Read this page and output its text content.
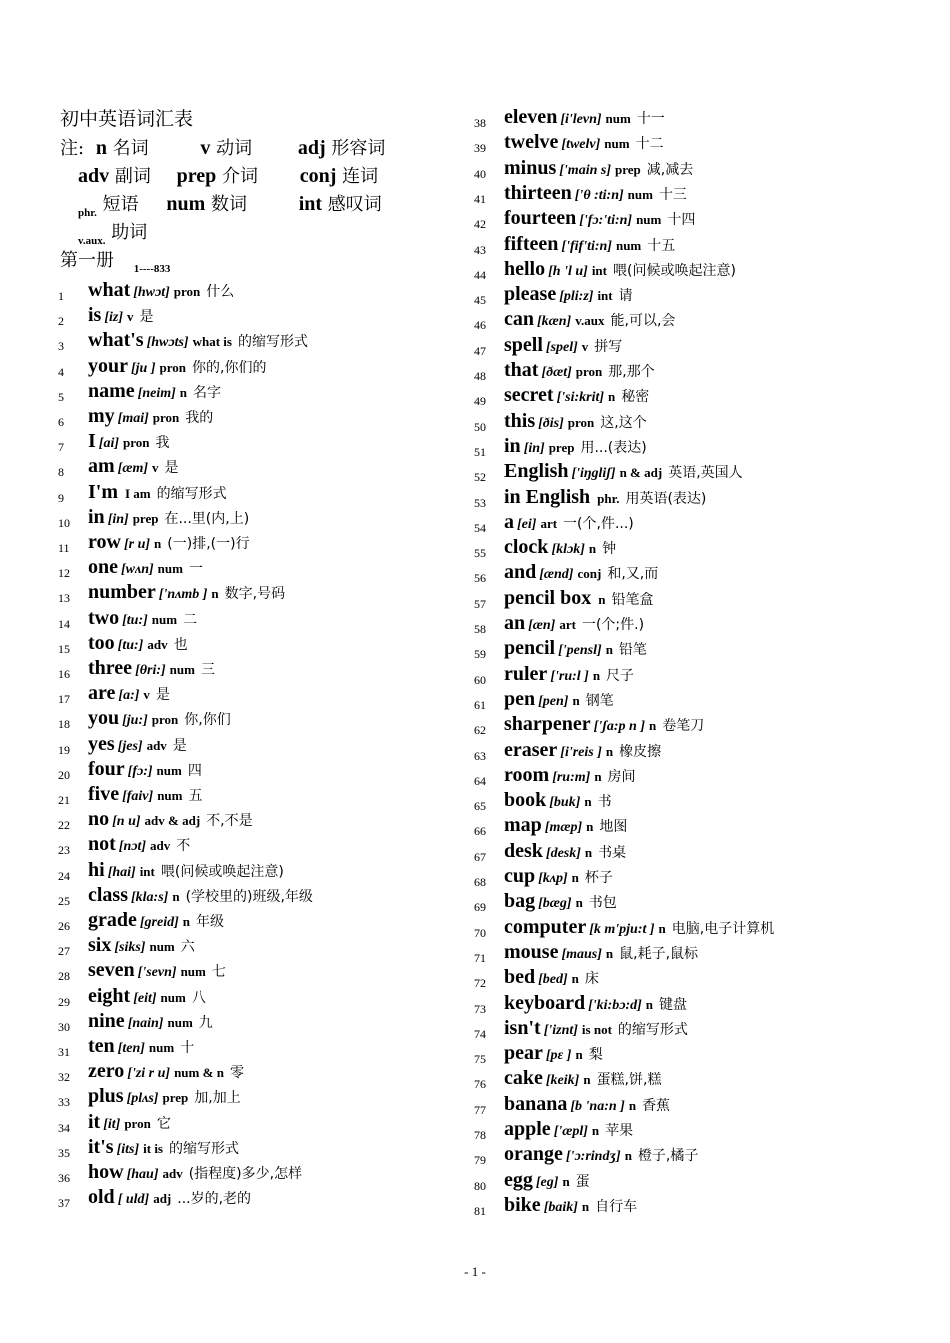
初中英语词汇表
注: n 名词	v 动词 adj 形容词
adv 副词 prep 介词 conj 连词
$_{phr.}$ 短语 num 数词	int 感叹词
$_{v.aux.}$ 助词
第一册 $_{1----833}$
1 what [hwɔt] pron 什么
2 is [iz] v 是
3 what's [hwɔts] what is 的缩写形式
4 your [ju ] pron 你的,你们的
5 name [neim] n 名字
6 my [mai] pron 我的
7 I [ai] pron 我
8 am [æm] v 是
9 I'm I am 的缩写形式
10 in [in] prep 在...里(内,上)
11 row [r u] n (一)排,(一)行
12 one [wʌn] num 一
13 number ['nʌmb ] n 数字,号码
14 two [tu:] num 二
15 too [tu:] adv 也
16 three [θri:] num 三
17 are [ɑ:] v 是
18 you [ju:] pron 你,你们
19 yes [jes] adv 是
20 four [fɔ:] num 四
21 five [faiv] num 五
22 no [n u] adv & adj 不,不是
23 not [nɔt] adv 不
24 hi [hai] int 喂(问候或唤起注意)
25 class [klɑ:s] n (学校里的)班级,年级
26 grade [greid] n 年级
27 six [siks] num 六
28 seven ['sevn] num 七
29 eight [eit] num 八
30 nine [nain] num 九
31 ten [ten] num 十
32 zero ['zi r u] num & n 零
33 plus [plʌs] prep 加,加上
34 it [it] pron 它
35 it's [its] it is 的缩写形式
36 how [hau] adv (指程度)多少,怎样
37 old [ uld] adj ...岁的,老的
38 eleven [i'levn] num 十一
39 twelve [twelv] num 十二
40 minus ['main s] prep 减,减去
41 thirteen ['θ :ti:n] num 十三
42 fourteen ['fɔ:'ti:n] num 十四
43 fifteen ['fif'ti:n] num 十五
44 hello [h 'l u] int 喂(问候或唤起注意)
45 please [pli:z] int 请
46 can [kæn] v.aux 能,可以,会
47 spell [spel] v 拼写
48 that [ðæt] pron 那,那个
49 secret ['si:krit] n 秘密
50 this [ðis] pron 这,这个
51 in [in] prep 用...(表达)
52 English ['iŋgliʃ] n & adj 英语,英国人
53 in English phr. 用英语(表达)
54 a [ei] art 一(个,件...)
55 clock [klɔk] n 钟
56 and [ænd] conj 和,又,而
57 pencil box n 铅笔盒
58 an [æn] art 一(个;件.)
59 pencil ['pensl] n 铅笔
60 ruler ['ru:l ] n 尺子
61 pen [pen] n 钢笔
62 sharpener ['ʃɑ:p n ] n 卷笔刀
63 eraser [i'reis ] n 橡皮擦
64 room [ru:m] n 房间
65 book [buk] n 书
66 map [mæp] n 地图
67 desk [desk] n 书桌
68 cup [kʌp] n 杯子
69 bag [bæg] n 书包
70 computer [k m'pju:t ] n 电脑,电子计算机
71 mouse [maus] n 鼠,耗子,鼠标
72 bed [bed] n 床
73 keyboard ['ki:bɔ:d] n 键盘
74 isn't ['iznt] is not 的缩写形式
75 pear [pɛ ] n 梨
76 cake [keik] n 蛋糕,饼,糕
77 banana [b 'nɑ:n ] n 香蕉
78 apple ['æpl] n 苹果
79 orange ['ɔ:rindʒ] n 橙子,橘子
80 egg [eg] n 蛋
81 bike [baik] n 自行车
- 1 -
